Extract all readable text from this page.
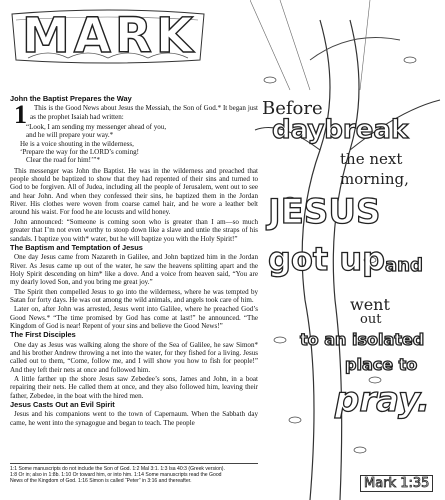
MARK
John the Baptist Prepares the Way
1 This is the Good News about Jesus the Messiah, the Son of God.* It began just as the prophet Isaiah had written:
“Look, I am sending my messenger ahead of you,
and he will prepare your way.*
He is a voice shouting in the wilderness,
‘Prepare the way for the LORD’s coming!
Clear the road for him!’”*
This messenger was John the Baptist. He was in the wilderness and preached that people should be baptized to show that they had repented of their sins and turned to God to be forgiven. All of Judea, including all the people of Jerusalem, went out to see and hear John. And when they confessed their sins, he baptized them in the Jordan River. His clothes were woven from coarse camel hair, and he wore a leather belt around his waist. For food he ate locusts and wild honey.
John announced: “Someone is coming soon who is greater than I am—so much greater that I’m not even worthy to stoop down like a slave and untie the straps of his sandals. I baptize you with* water, but he will baptize you with the Holy Spirit!”
The Baptism and Temptation of Jesus
One day Jesus came from Nazareth in Galilee, and John baptized him in the Jordan River. As Jesus came up out of the water, he saw the heavens splitting apart and the Holy Spirit descending on him* like a dove. And a voice from heaven said, “You are my dearly loved Son, and you bring me great joy.”
The Spirit then compelled Jesus to go into the wilderness, where he was tempted by Satan for forty days. He was out among the wild animals, and angels took care of him.
Later on, after John was arrested, Jesus went into Galilee, where he preached God’s Good News.* “The time promised by God has come at last!” he announced. “The Kingdom of God is near! Repent of your sins and believe the Good News!”
The First Disciples
One day as Jesus was walking along the shore of the Sea of Galilee, he saw Simon* and his brother Andrew throwing a net into the water, for they fished for a living. Jesus called out to them, “Come, follow me, and I will show you how to fish for people!” And they left their nets at once and followed him.
A little farther up the shore Jesus saw Zebedee’s sons, James and John, in a boat repairing their nets. He called them at once, and they also followed him, leaving their father, Zebedee, in the boat with the hired men.
Jesus Casts Out an Evil Spirit
Jesus and his companions went to the town of Capernaum. When the Sabbath day came, he went into the synagogue and began to teach. The people
1:1 Some manuscripts do not include the Son of God. 1:2 Mal 3:1. 1:3 Isa 40:3 (Greek version).
1:8 Or in; also in 1:8b. 1:10 Or toward him, or into him. 1:14 Some manuscripts read the Good
News of the Kingdom of God. 1:16 Simon is called “Peter” in 3:16 and thereafter.
Before
daybreak
the next
morning,
JESUS
got up and
went
out
to an isolated
place to
pray.
Mark 1:35
